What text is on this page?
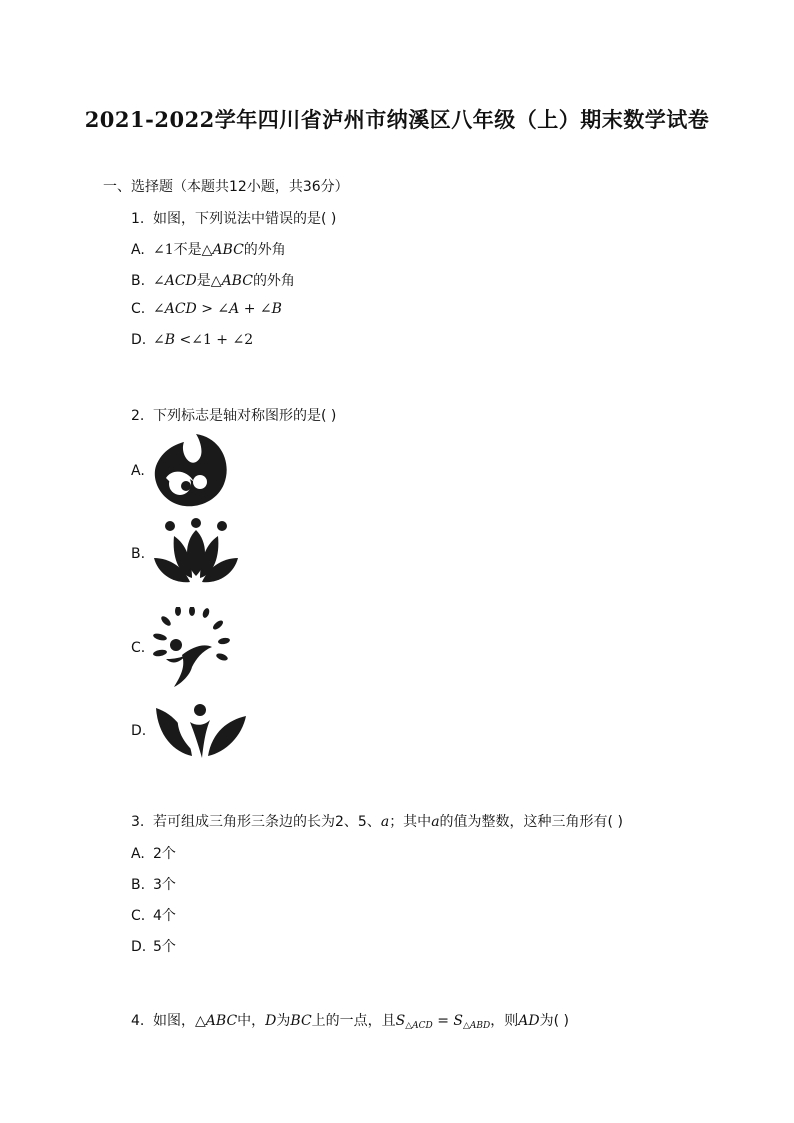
2021-2022学年四川省泸州市纳溪区八年级（上）期末数学试卷
一、选择题（本题共12小题，共36分）
1. 如图，下列说法中错误的是( )
A. ∠1不是△ABC的外角
B. ∠ACD是△ABC的外角
C. ∠ACD > ∠A + ∠B
D. ∠B <∠1 + ∠2
2. 下列标志是轴对称图形的是( )
A.
B.
C.
D.
3. 若可组成三角形三条边的长为2、5、a；其中a的值为整数，这种三角形有( )
A. 2个
B. 3个
C. 4个
D. 5个
4. 如图，△ABC中，D为BC上的一点，且$S_{\triangle ACD} = S_{\triangle ABD}$，则AD为( )
